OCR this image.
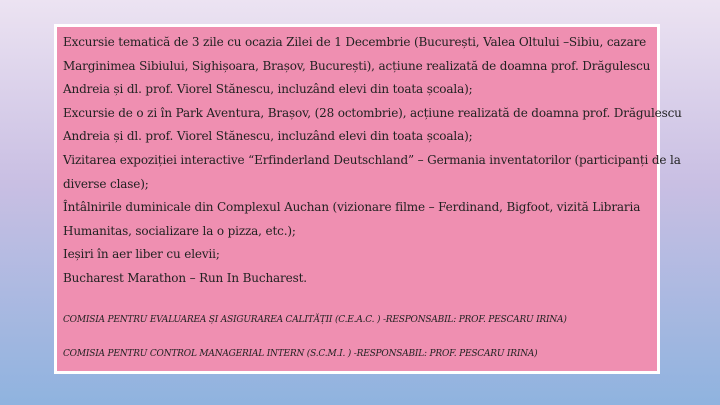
Excursie tematică de 3 zile cu ocazia Zilei de 1 Decembrie (București, Valea Oltului –Sibiu, cazare

Marginimea Sibiului, Sighișoara, Brașov, București), acțiune realizată de doamna prof. Drăgulescu

Andreia și dl. prof. Viorel Stănescu, incluzând elevi din toata școala);

Excursie de o zi în Park Aventura, Brașov, (28 octombrie), acțiune realizată de doamna prof. Drăgulescu

Andreia și dl. prof. Viorel Stănescu, incluzând elevi din toata școala);

Vizitarea expoziției interactive “Erfinderland Deutschland” – Germania inventatorilor (participanți de la

diverse clase);

Întâlnirile duminicale din Complexul Auchan (vizionare filme – Ferdinand, Bigfoot, vizită Libraria

Humanitas, socializare la o pizza, etc.);

Ieșiri în aer liber cu elevii;

Bucharest Marathon – Run In Bucharest.

COMISIA PENTRU EVALUAREA ȘI ASIGURAREA CALITĂȚII (C.E.A.C. ) -RESPONSABIL: PROF. PESCARU IRINA)

COMISIA PENTRU CONTROL MANAGERIAL INTERN (S.C.M.I. ) -RESPONSABIL: PROF. PESCARU IRINA)
